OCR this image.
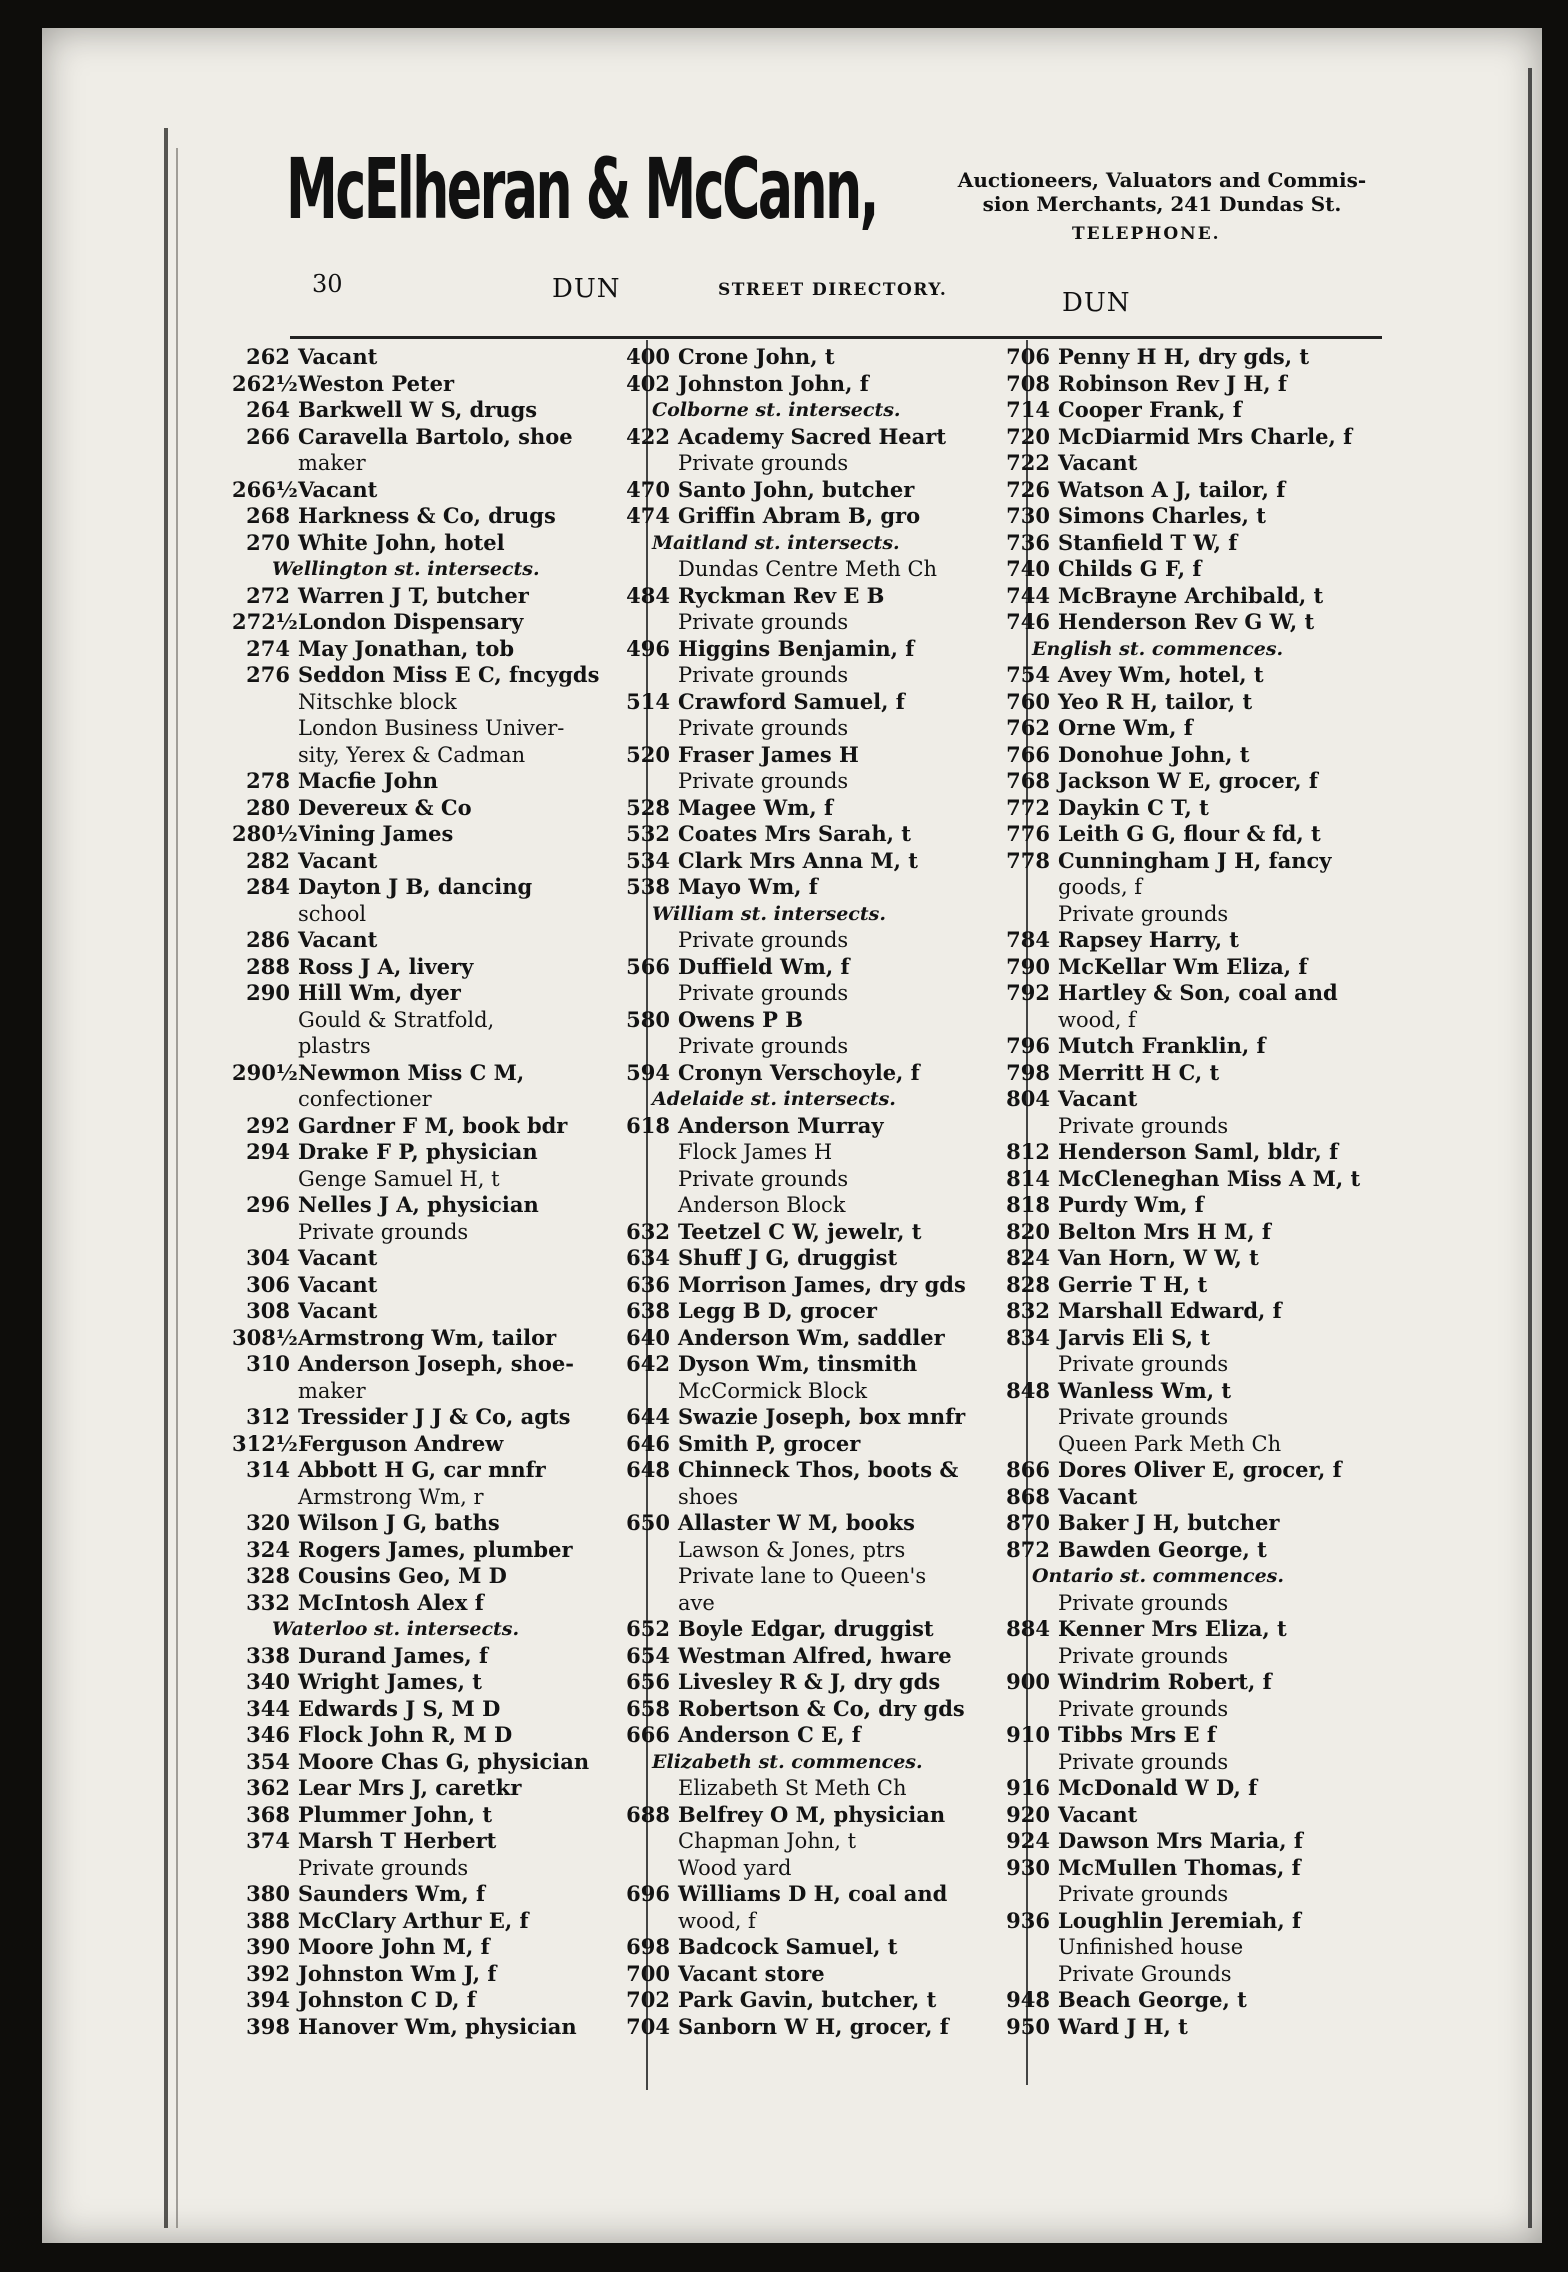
McElheran & McCann,	Auctioneers, Valuators and Commis-
sion Merchants, 241 Dundas St.
TELEPHONE.
30	DUN	STREET DIRECTORY.	DUN
262 Vacant
262½ Weston Peter
264 Barkwell W S, drugs
266 Caravella Bartolo, shoe
maker
266½ Vacant
268 Harkness & Co, drugs
270 White John, hotel
Wellington st. intersects.
272 Warren J T, butcher
272½ London Dispensary
274 May Jonathan, tob
276 Seddon Miss E C, fncygds
Nitschke block
London Business Univer-
sity, Yerex & Cadman
278 Macfie John
280 Devereux & Co
280½ Vining James
282 Vacant
284 Dayton J B, dancing
school
286 Vacant
288 Ross J A, livery
290 Hill Wm, dyer
Gould & Stratfold,
plastrs
290½ Newmon Miss C M,
confectioner
292 Gardner F M, book bdr
294 Drake F P, physician
Genge Samuel H, t
296 Nelles J A, physician
Private grounds
304 Vacant
306 Vacant
308 Vacant
308½ Armstrong Wm, tailor
310 Anderson Joseph, shoe-
maker
312 Tressider J J & Co, agts
312½ Ferguson Andrew
314 Abbott H G, car mnfr
Armstrong Wm, r
320 Wilson J G, baths
324 Rogers James, plumber
328 Cousins Geo, M D
332 McIntosh Alex f
Waterloo st. intersects.
338 Durand James, f
340 Wright James, t
344 Edwards J S, M D
346 Flock John R, M D
354 Moore Chas G, physician
362 Lear Mrs J, caretkr
368 Plummer John, t
374 Marsh T Herbert
Private grounds
380 Saunders Wm, f
388 McClary Arthur E, f
390 Moore John M, f
392 Johnston Wm J, f
394 Johnston C D, f
398 Hanover Wm, physician
400 Crone John, t
402 Johnston John, f
Colborne st. intersects.
422 Academy Sacred Heart
Private grounds
470 Santo John, butcher
474 Griffin Abram B, gro
Maitland st. intersects.
Dundas Centre Meth Ch
484 Ryckman Rev E B
Private grounds
496 Higgins Benjamin, f
Private grounds
514 Crawford Samuel, f
Private grounds
520 Fraser James H
Private grounds
528 Magee Wm, f
532 Coates Mrs Sarah, t
534 Clark Mrs Anna M, t
538 Mayo Wm, f
William st. intersects.
Private grounds
566 Duffield Wm, f
Private grounds
580 Owens P B
Private grounds
594 Cronyn Verschoyle, f
Adelaide st. intersects.
618 Anderson Murray
Flock James H
Private grounds
Anderson Block
632 Teetzel C W, jewelr, t
634 Shuff J G, druggist
636 Morrison James, dry gds
638 Legg B D, grocer
640 Anderson Wm, saddler
642 Dyson Wm, tinsmith
McCormick Block
644 Swazie Joseph, box mnfr
646 Smith P, grocer
648 Chinneck Thos, boots &
shoes
650 Allaster W M, books
Lawson & Jones, ptrs
Private lane to Queen's
ave
652 Boyle Edgar, druggist
654 Westman Alfred, hware
656 Livesley R & J, dry gds
658 Robertson & Co, dry gds
666 Anderson C E, f
Elizabeth st. commences.
Elizabeth St Meth Ch
688 Belfrey O M, physician
Chapman John, t
Wood yard
696 Williams D H, coal and
wood, f
698 Badcock Samuel, t
700 Vacant store
702 Park Gavin, butcher, t
704 Sanborn W H, grocer, f
706 Penny H H, dry gds, t
708 Robinson Rev J H, f
714 Cooper Frank, f
720 McDiarmid Mrs Charle, f
722 Vacant
726 Watson A J, tailor, f
730 Simons Charles, t
736 Stanfield T W, f
740 Childs G F, f
744 McBrayne Archibald, t
746 Henderson Rev G W, t
English st. commences.
754 Avey Wm, hotel, t
760 Yeo R H, tailor, t
762 Orne Wm, f
766 Donohue John, t
768 Jackson W E, grocer, f
772 Daykin C T, t
776 Leith G G, flour & fd, t
778 Cunningham J H, fancy
goods, f
Private grounds
784 Rapsey Harry, t
790 McKellar Wm Eliza, f
792 Hartley & Son, coal and
wood, f
796 Mutch Franklin, f
798 Merritt H C, t
804 Vacant
Private grounds
812 Henderson Saml, bldr, f
814 McCleneghan Miss A M, t
818 Purdy Wm, f
820 Belton Mrs H M, f
824 Van Horn, W W, t
828 Gerrie T H, t
832 Marshall Edward, f
834 Jarvis Eli S, t
Private grounds
848 Wanless Wm, t
Private grounds
Queen Park Meth Ch
866 Dores Oliver E, grocer, f
868 Vacant
870 Baker J H, butcher
872 Bawden George, t
Ontario st. commences.
Private grounds
884 Kenner Mrs Eliza, t
Private grounds
900 Windrim Robert, f
Private grounds
910 Tibbs Mrs E f
Private grounds
916 McDonald W D, f
920 Vacant
924 Dawson Mrs Maria, f
930 McMullen Thomas, f
Private grounds
936 Loughlin Jeremiah, f
Unfinished house
Private Grounds
948 Beach George, t
950 Ward J H, t
